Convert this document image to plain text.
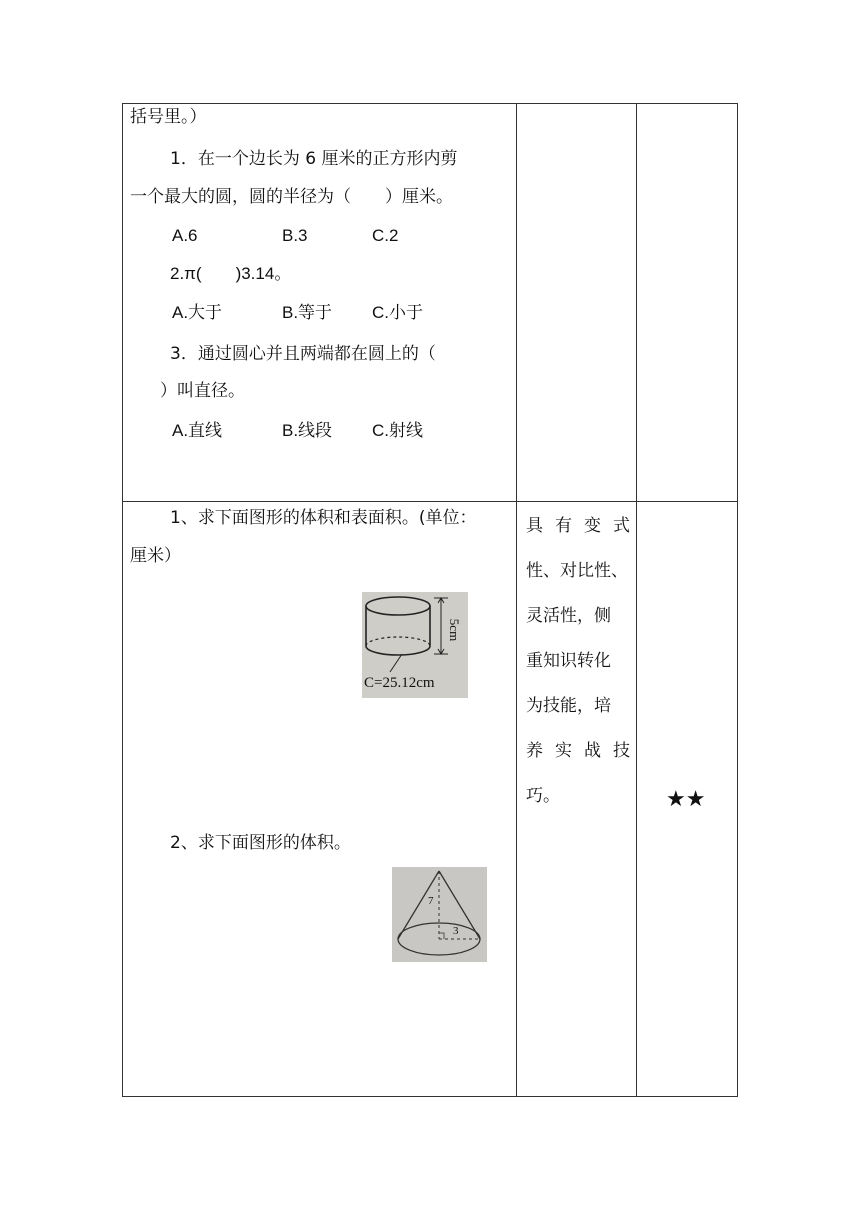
括号里。）
1．在一个边长为 6 厘米的正方形内剪
一个最大的圆，圆的半径为（　　）厘米。
A.6	B.3	C.2
2.π(　　)3.14。
A.大于	B.等于 C.小于
3．通过圆心并且两端都在圆上的（
）叫直径。
A.直线	B.线段 C.射线
1、求下面图形的体积和表面积。(单位：
厘米）
5cm
C=25.12cm
2、求下面图形的体积。
7
3
具 有 变 式
性、对比性、
灵活性，侧
重知识转化
为技能，培
养 实 战 技
巧。	★★
